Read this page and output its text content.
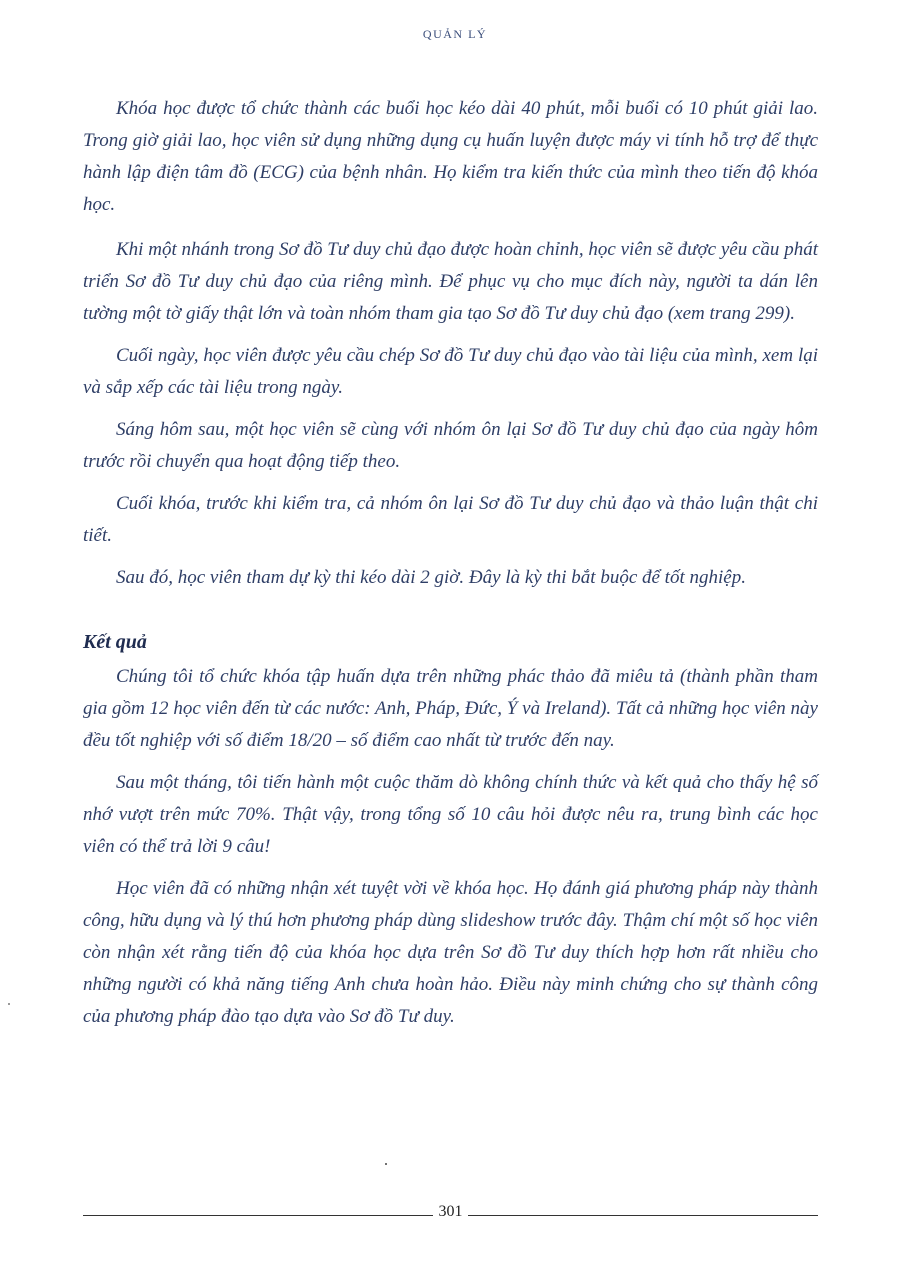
QUẢN LÝ

Khóa học được tổ chức thành các buổi học kéo dài 40 phút, mỗi buổi có 10 phút giải lao. Trong giờ giải lao, học viên sử dụng những dụng cụ huấn luyện được máy vi tính hỗ trợ để thực hành lập điện tâm đồ (ECG) của bệnh nhân. Họ kiểm tra kiến thức của mình theo tiến độ khóa học.

Khi một nhánh trong Sơ đồ Tư duy chủ đạo được hoàn chỉnh, học viên sẽ được yêu cầu phát triển Sơ đồ Tư duy chủ đạo của riêng mình. Để phục vụ cho mục đích này, người ta dán lên tường một tờ giấy thật lớn và toàn nhóm tham gia tạo Sơ đồ Tư duy chủ đạo (xem trang 299).

Cuối ngày, học viên được yêu cầu chép Sơ đồ Tư duy chủ đạo vào tài liệu của mình, xem lại và sắp xếp các tài liệu trong ngày.

Sáng hôm sau, một học viên sẽ cùng với nhóm ôn lại Sơ đồ Tư duy chủ đạo của ngày hôm trước rồi chuyển qua hoạt động tiếp theo.

Cuối khóa, trước khi kiểm tra, cả nhóm ôn lại Sơ đồ Tư duy chủ đạo và thảo luận thật chi tiết.

Sau đó, học viên tham dự kỳ thi kéo dài 2 giờ. Đây là kỳ thi bắt buộc để tốt nghiệp.

Kết quả

Chúng tôi tổ chức khóa tập huấn dựa trên những phác thảo đã miêu tả (thành phần tham gia gồm 12 học viên đến từ các nước: Anh, Pháp, Đức, Ý và Ireland). Tất cả những học viên này đều tốt nghiệp với số điểm 18/20 – số điểm cao nhất từ trước đến nay.

Sau một tháng, tôi tiến hành một cuộc thăm dò không chính thức và kết quả cho thấy hệ số nhớ vượt trên mức 70%. Thật vậy, trong tổng số 10 câu hỏi được nêu ra, trung bình các học viên có thể trả lời 9 câu!

Học viên đã có những nhận xét tuyệt vời về khóa học. Họ đánh giá phương pháp này thành công, hữu dụng và lý thú hơn phương pháp dùng slideshow trước đây. Thậm chí một số học viên còn nhận xét rằng tiến độ của khóa học dựa trên Sơ đồ Tư duy thích hợp hơn rất nhiều cho những người có khả năng tiếng Anh chưa hoàn hảo. Điều này minh chứng cho sự thành công của phương pháp đào tạo dựa vào Sơ đồ Tư duy.

301
